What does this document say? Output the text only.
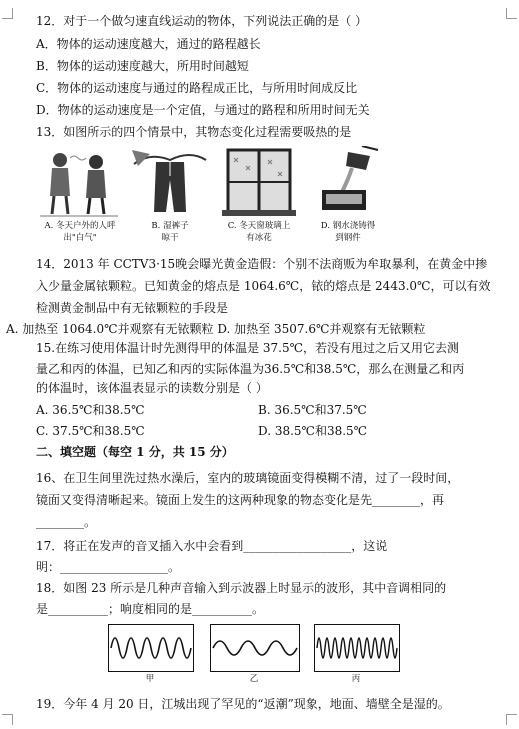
12．对于一个做匀速直线运动的物体，下列说法正确的是（ ）
A．物体的运动速度越大，通过的路程越长
B．物体的运动速度越大，所用时间越短
C．物体的运动速度与通过的路程成正比，与所用时间成反比
D．物体的运动速度是一个定值，与通过的路程和所用时间无关
13．如图所示的四个情景中，其物态变化过程需要吸热的是
A. 冬天户外的人呼
出"白气"
B. 湿裤子
晾干
C. 冬天窗玻璃上
有冰花
D. 钢水浇铸得
到钢件
14．2013 年 CCTV3·15晚会曝光黄金造假：个别不法商贩为牟取暴利，在黄金中掺
入少量金属铱颗粒。已知黄金的熔点是 1064.6℃，铱的熔点是 2443.0℃，可以有效
检测黄金制品中有无铱颗粒的手段是
A. 加热至 1064.0℃并观察有无铱颗粒 D. 加热至 3507.6℃并观察有无铱颗粒
15.在练习使用体温计时先测得甲的体温是 37.5℃，若没有甩过之后又用它去测
量乙和丙的体温，已知乙和丙的实际体温为36.5℃和38.5℃，那么在测量乙和丙
的体温时，该体温表显示的读数分别是（ ）
A. 36.5℃和38.5℃	B. 36.5℃和37.5℃
C. 37.5℃和38.5℃	D. 38.5℃和38.5℃
二、填空题（每空 1 分，共 15 分）
16、在卫生间里洗过热水澡后，室内的玻璃镜面变得模糊不清，过了一段时间，
镜面又变得清晰起来。镜面上发生的这两种现象的物态变化是先________，再
________。
17．将正在发声的音叉插入水中会看到__________________，这说
明：__________________。
18．如图 23 所示是几种声音输入到示波器上时显示的波形，其中音调相同的
是__________；响度相同的是__________。
甲	乙	丙
19．今年 4 月 20 日，江城出现了罕见的“返潮”现象，地面、墙壁全是湿的。
